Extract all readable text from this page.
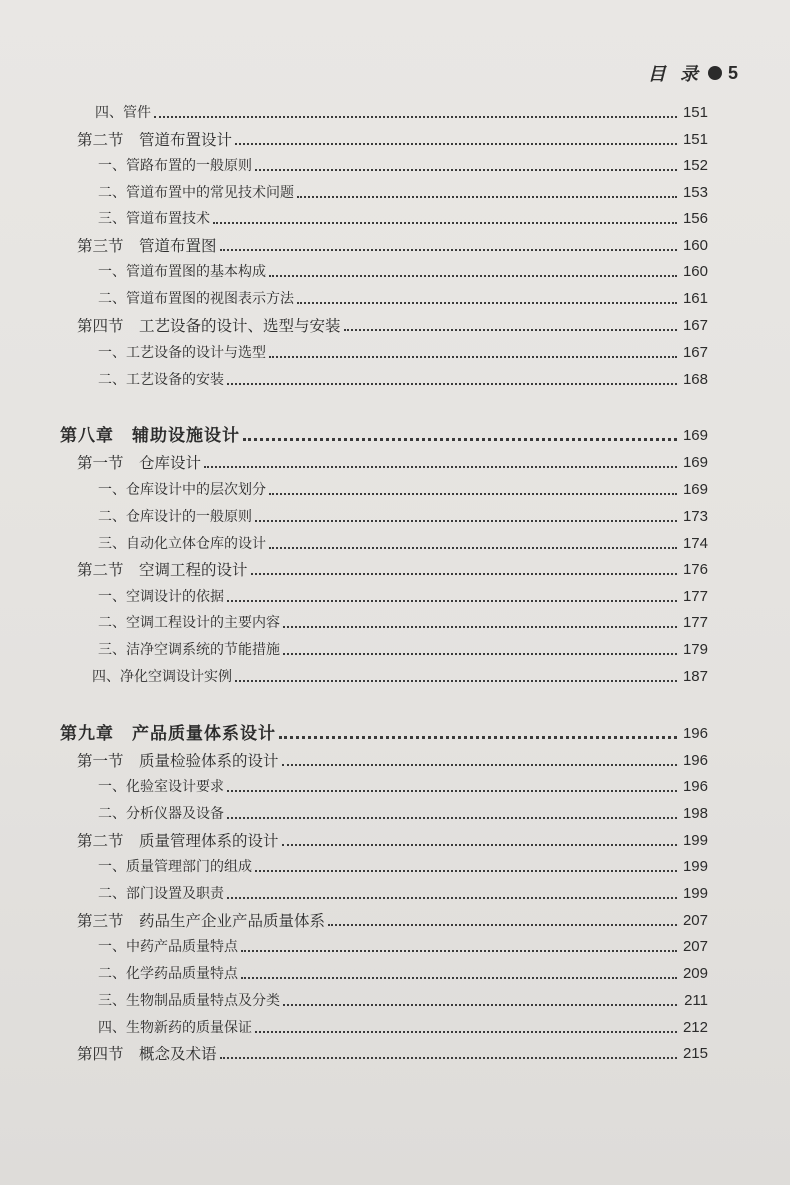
目 录 5
四、管件	151
第二节　管道布置设计	151
一、管路布置的一般原则	152
二、管道布置中的常见技术问题	153
三、管道布置技术	156
第三节　管道布置图	160
一、管道布置图的基本构成	160
二、管道布置图的视图表示方法	161
第四节　工艺设备的设计、选型与安装	167
一、工艺设备的设计与选型	167
二、工艺设备的安装	168
第八章　辅助设施设计	169
第一节　仓库设计	169
一、仓库设计中的层次划分	169
二、仓库设计的一般原则	173
三、自动化立体仓库的设计	174
第二节　空调工程的设计	176
一、空调设计的依据	177
二、空调工程设计的主要内容	177
三、洁净空调系统的节能措施	179
四、净化空调设计实例	187
第九章　产品质量体系设计	196
第一节　质量检验体系的设计	196
一、化验室设计要求	196
二、分析仪器及设备	198
第二节　质量管理体系的设计	199
一、质量管理部门的组成	199
二、部门设置及职责	199
第三节　药品生产企业产品质量体系	207
一、中药产品质量特点	207
二、化学药品质量特点	209
三、生物制品质量特点及分类	211
四、生物新药的质量保证	212
第四节　概念及术语	215
